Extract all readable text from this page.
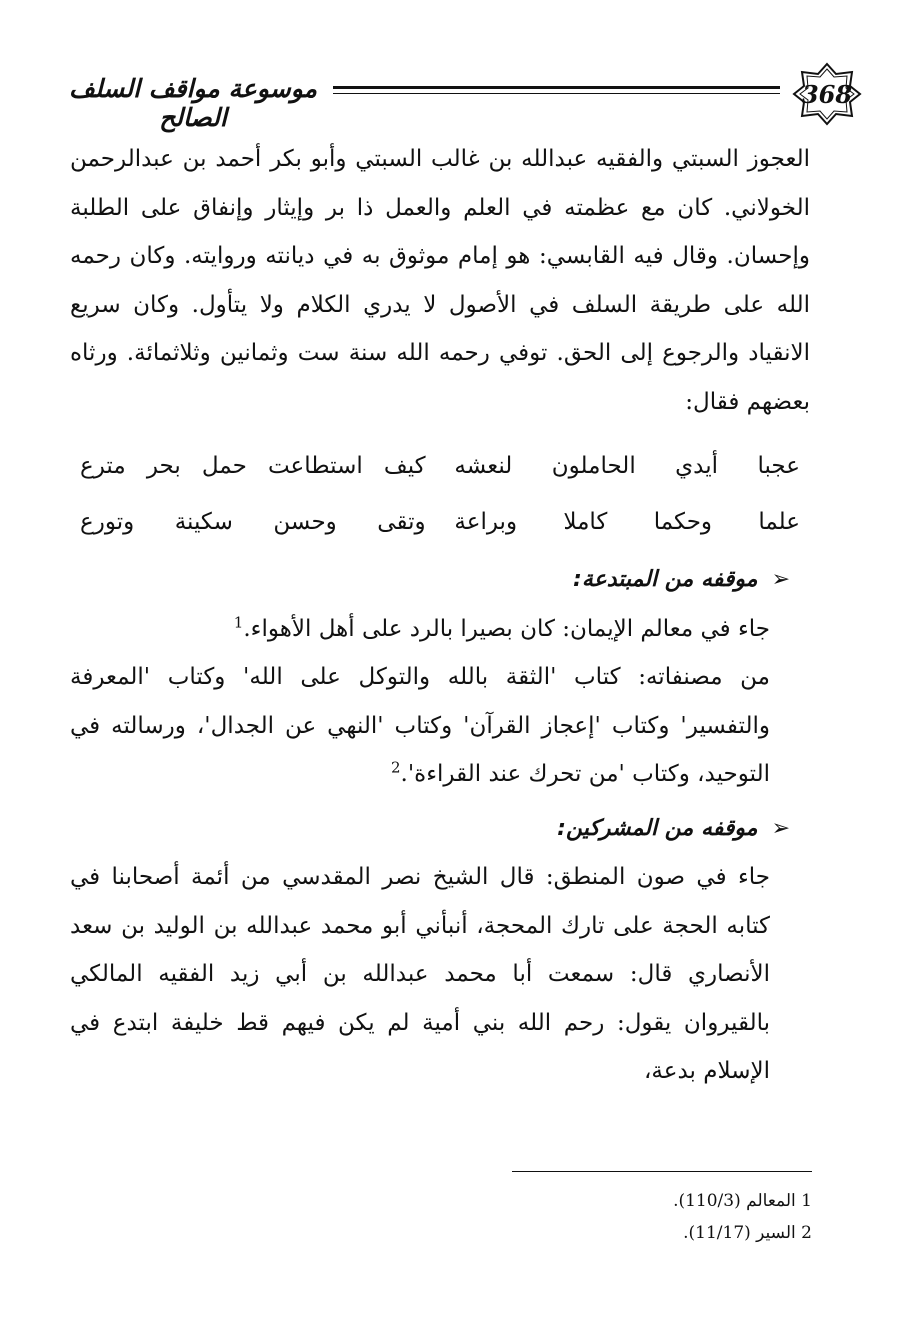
موسوعة مواقف السلف الصالح
368

العجوز السبتي والفقيه عبدالله بن غالب السبتي وأبو بكر أحمد بن عبدالرحمن الخولاني. كان مع عظمته في العلم والعمل ذا بر وإيثار وإنفاق على الطلبة وإحسان. وقال فيه القابسي: هو إمام موثوق به في ديانته وروايته. وكان رحمه الله على طريقة السلف في الأصول لا يدري الكلام ولا يتأول. وكان سريع الانقياد والرجوع إلى الحق. توفي رحمه الله سنة ست وثمانين وثلاثمائة. ورثاه بعضهم فقال:

عجبا أيدي الحاملون لنعشه
كيف استطاعت حمل بحر مترع
علما وحكما كاملا وبراعة
وتقى وحسن سكينة وتورع
➢موقفه من المبتدعة:

جاء في معالم الإيمان: كان بصيرا بالرد على أهل الأهواء.$^1$

من مصنفاته: كتاب 'الثقة بالله والتوكل على الله' وكتاب 'المعرفة والتفسير' وكتاب 'إعجاز القرآن' وكتاب 'النهي عن الجدال'، ورسالته في التوحيد، وكتاب 'من تحرك عند القراءة'.$^2$

➢موقفه من المشركين:

جاء في صون المنطق: قال الشيخ نصر المقدسي من أئمة أصحابنا في كتابه الحجة على تارك المحجة، أنبأني أبو محمد عبدالله بن الوليد بن سعد الأنصاري قال: سمعت أبا محمد عبدالله بن أبي زيد الفقيه المالكي بالقيروان يقول: رحم الله بني أمية لم يكن فيهم قط خليفة ابتدع في الإسلام بدعة،

1 المعالم (110/3).
2 السير (11/17).
